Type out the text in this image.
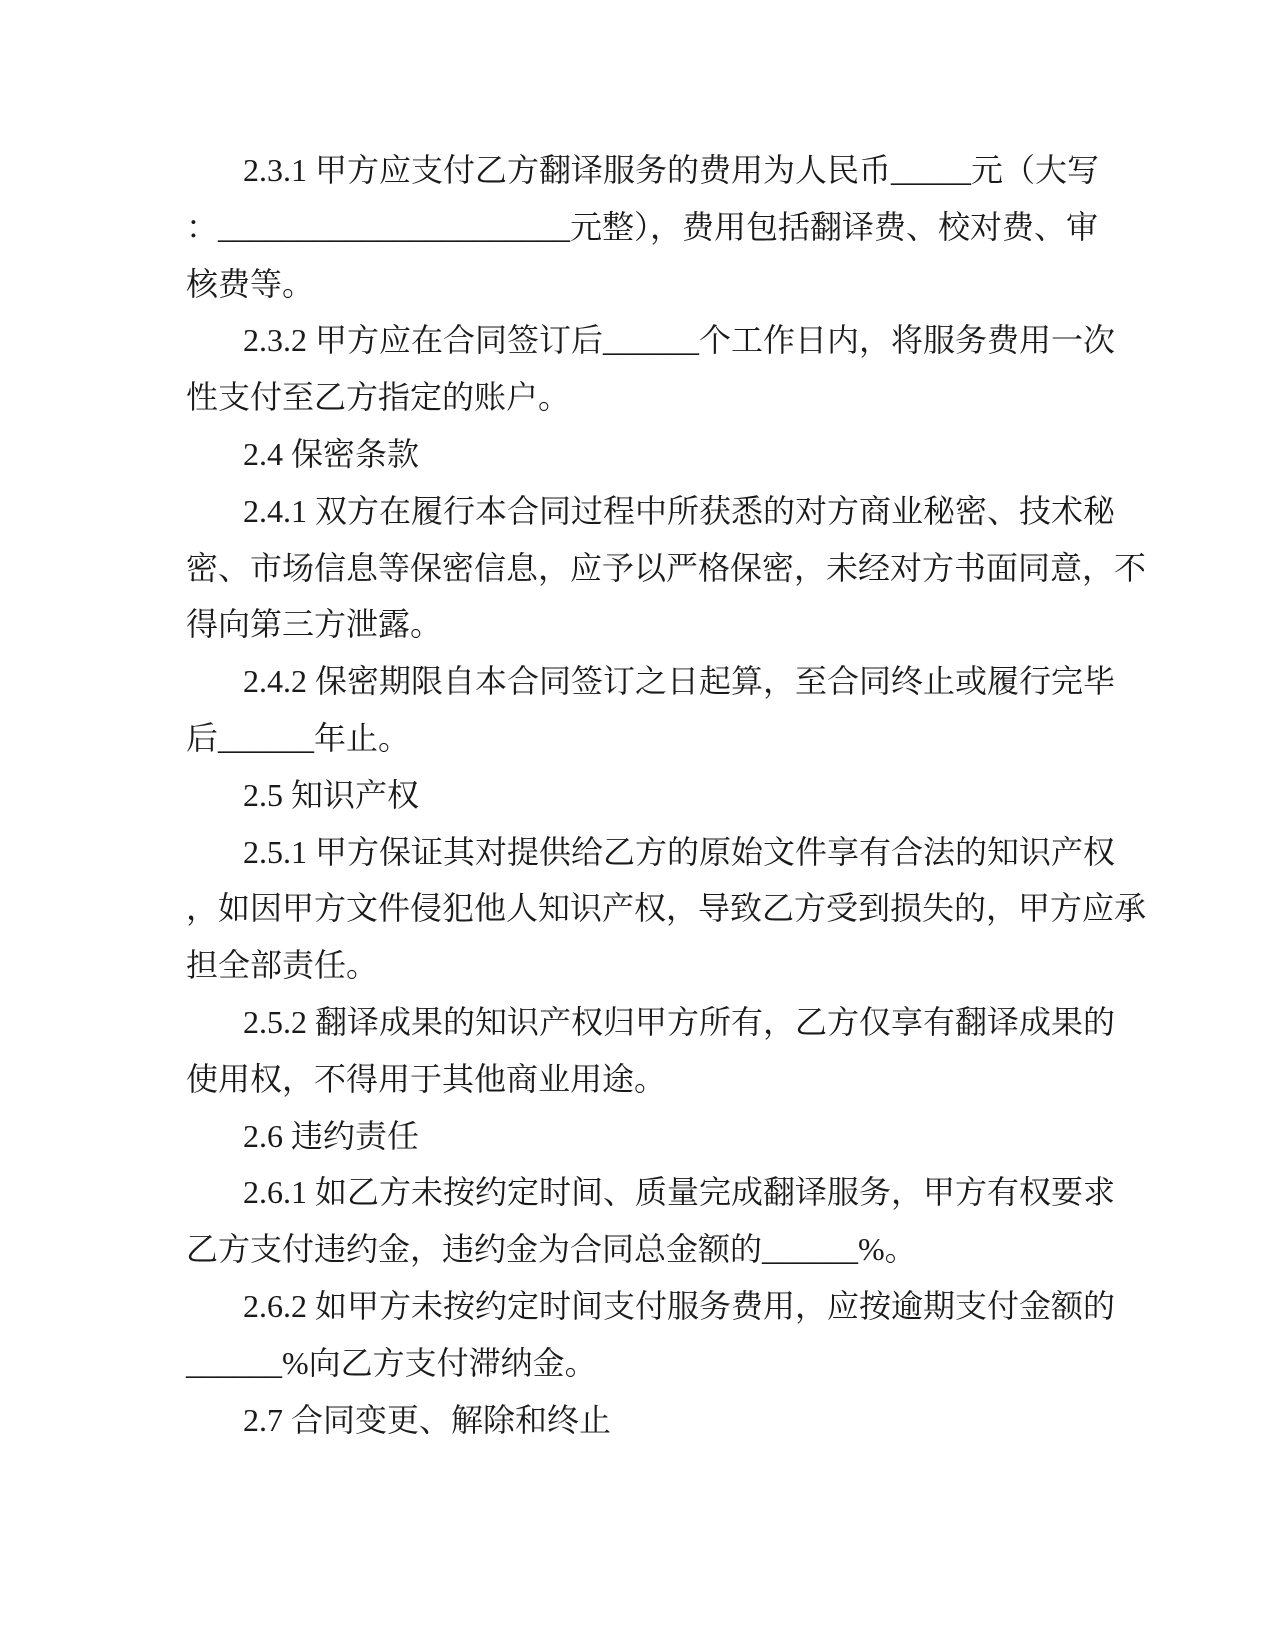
2.3.1 甲方应支付乙方翻译服务的费用为人民币_____元（大写
：______________________元整），费用包括翻译费、校对费、审
核费等。
2.3.2 甲方应在合同签订后______个工作日内，将服务费用一次
性支付至乙方指定的账户。
2.4 保密条款
2.4.1 双方在履行本合同过程中所获悉的对方商业秘密、技术秘
密、市场信息等保密信息，应予以严格保密，未经对方书面同意，不
得向第三方泄露。
2.4.2 保密期限自本合同签订之日起算，至合同终止或履行完毕
后______年止。
2.5 知识产权
2.5.1 甲方保证其对提供给乙方的原始文件享有合法的知识产权
，如因甲方文件侵犯他人知识产权，导致乙方受到损失的，甲方应承
担全部责任。
2.5.2 翻译成果的知识产权归甲方所有，乙方仅享有翻译成果的
使用权，不得用于其他商业用途。
2.6 违约责任
2.6.1 如乙方未按约定时间、质量完成翻译服务，甲方有权要求
乙方支付违约金，违约金为合同总金额的______%。
2.6.2 如甲方未按约定时间支付服务费用，应按逾期支付金额的
______%向乙方支付滞纳金。
2.7 合同变更、解除和终止
